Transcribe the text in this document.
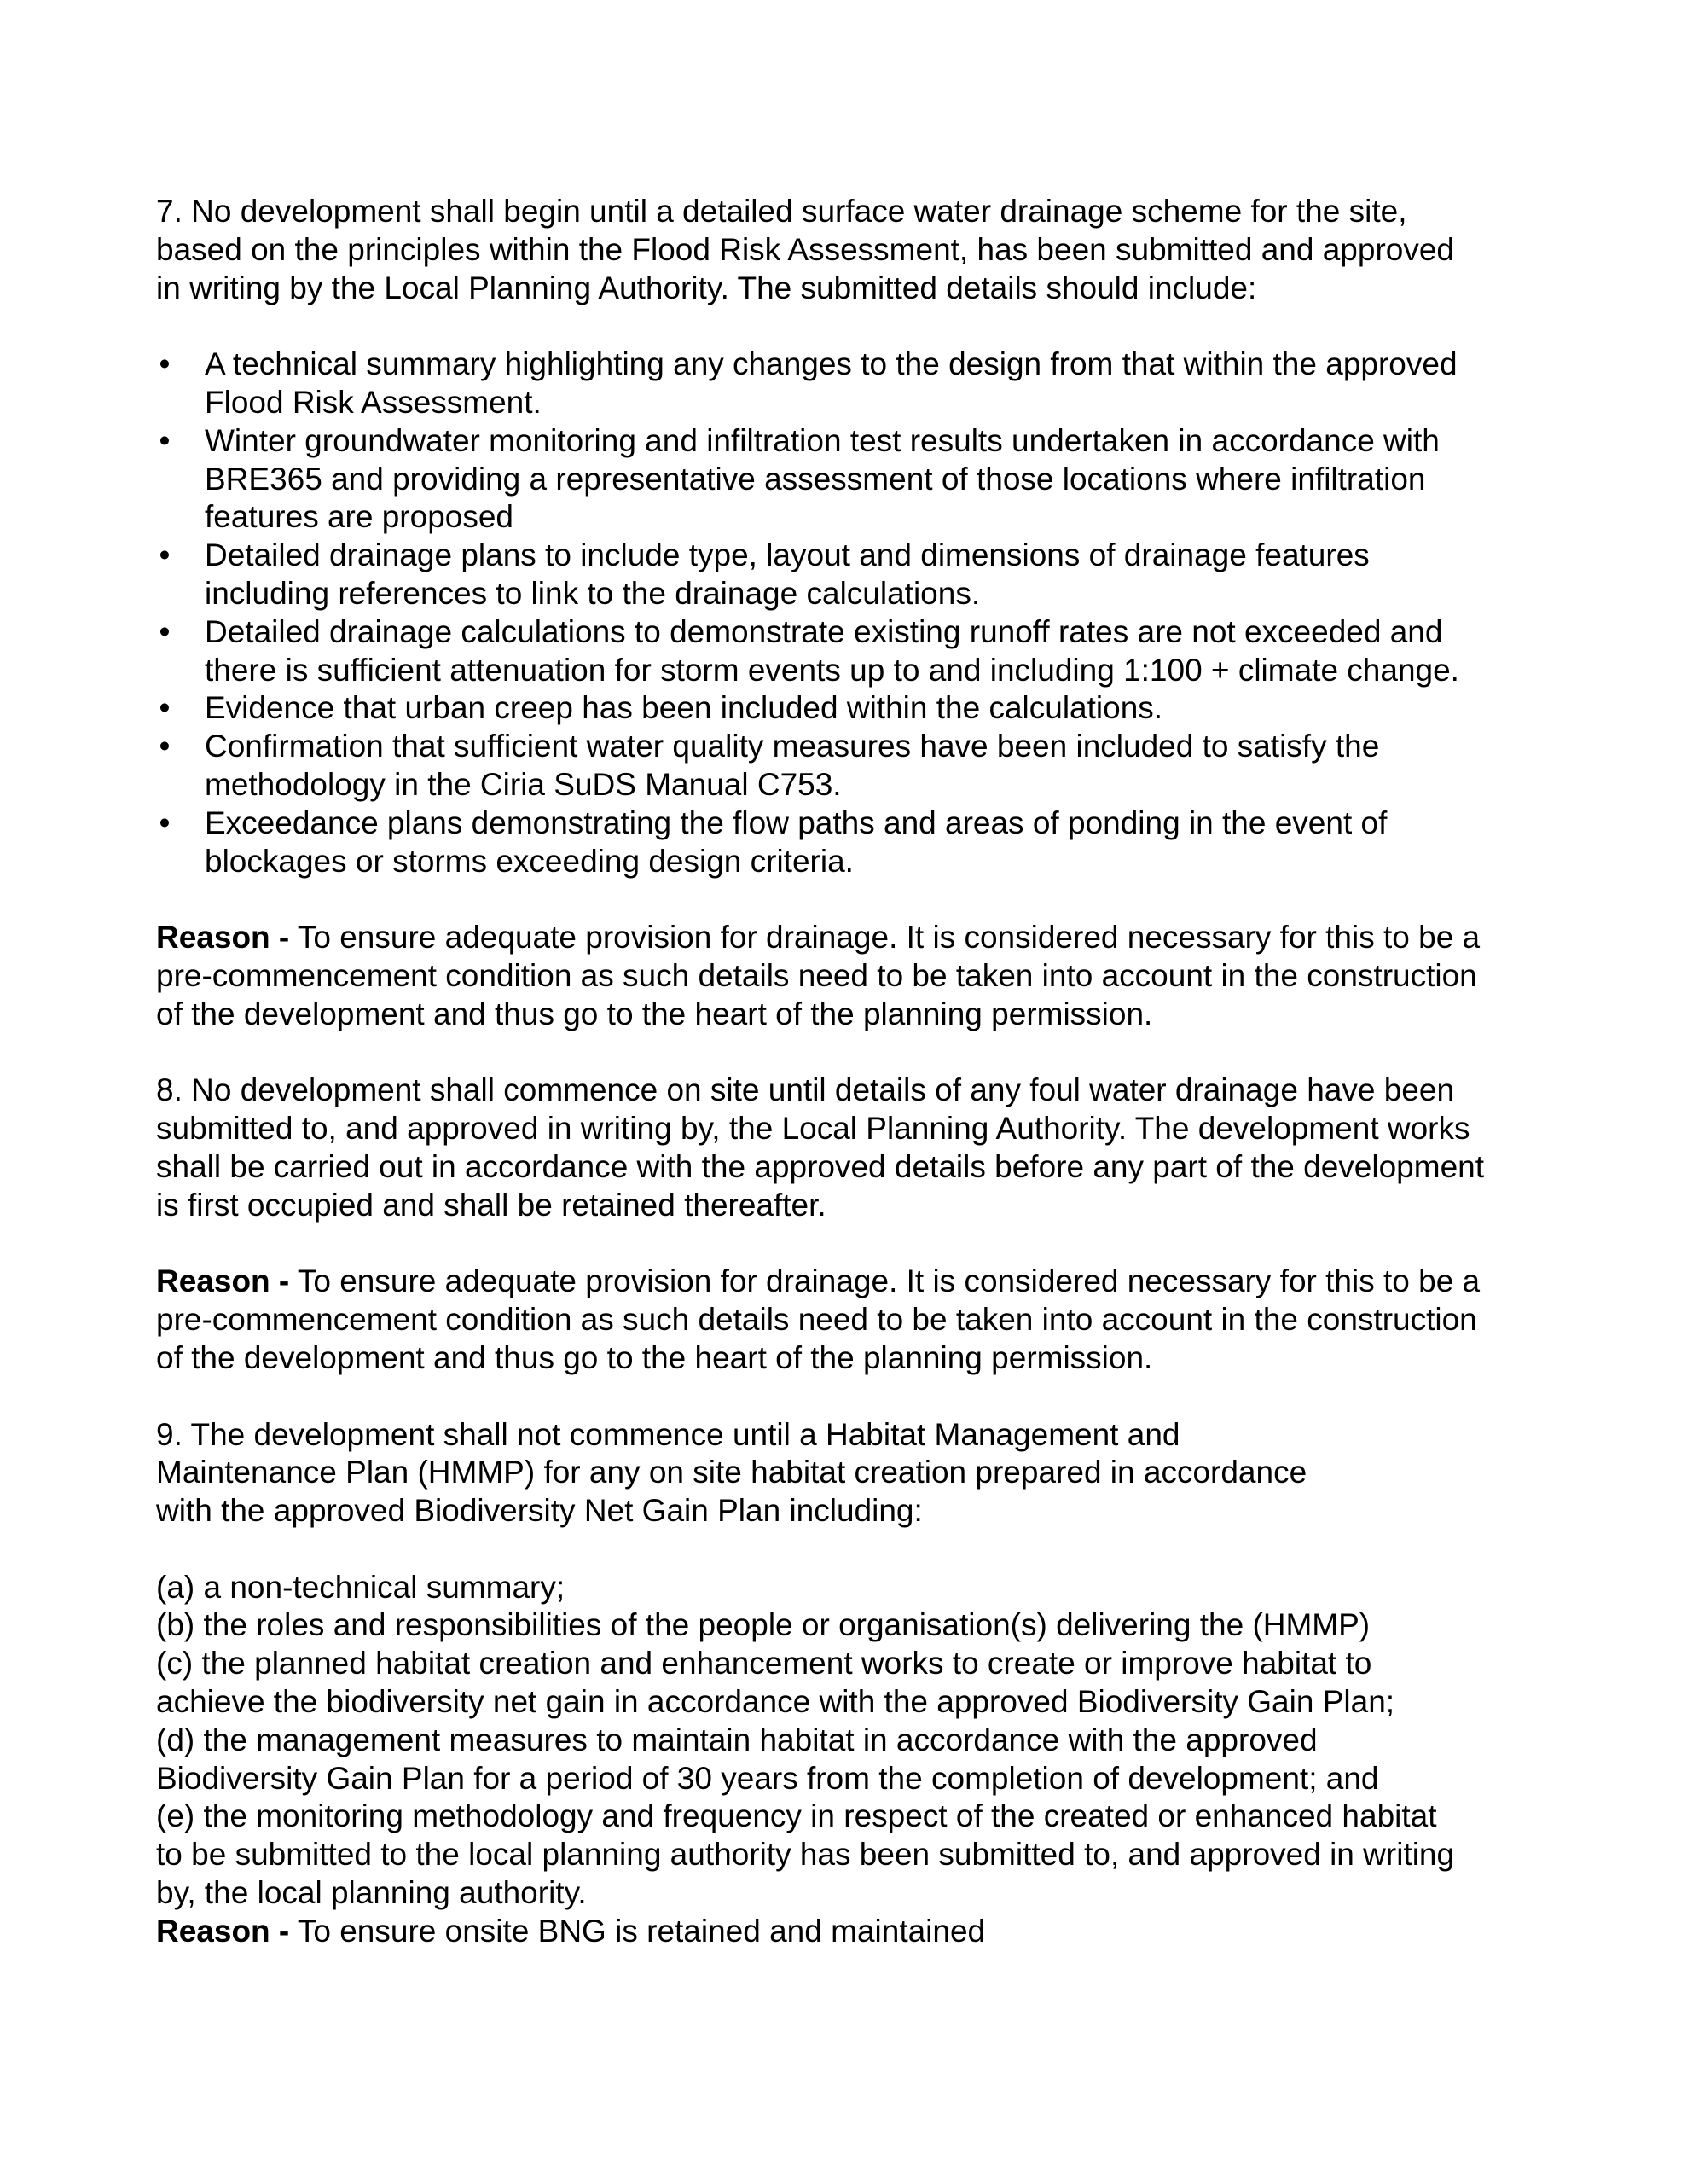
7. No development shall begin until a detailed surface water drainage scheme for the site,
based on the principles within the Flood Risk Assessment, has been submitted and approved
in writing by the Local Planning Authority. The submitted details should include:

• A technical summary highlighting any changes to the design from that within the approved
Flood Risk Assessment.
• Winter groundwater monitoring and infiltration test results undertaken in accordance with
BRE365 and providing a representative assessment of those locations where infiltration
features are proposed
• Detailed drainage plans to include type, layout and dimensions of drainage features
including references to link to the drainage calculations.
• Detailed drainage calculations to demonstrate existing runoff rates are not exceeded and
there is sufficient attenuation for storm events up to and including 1:100 + climate change.
• Evidence that urban creep has been included within the calculations.
• Confirmation that sufficient water quality measures have been included to satisfy the
methodology in the Ciria SuDS Manual C753.
• Exceedance plans demonstrating the flow paths and areas of ponding in the event of
blockages or storms exceeding design criteria.

Reason - To ensure adequate provision for drainage. It is considered necessary for this to be a
pre-commencement condition as such details need to be taken into account in the construction
of the development and thus go to the heart of the planning permission.

8. No development shall commence on site until details of any foul water drainage have been
submitted to, and approved in writing by, the Local Planning Authority. The development works
shall be carried out in accordance with the approved details before any part of the development
is first occupied and shall be retained thereafter.

Reason - To ensure adequate provision for drainage. It is considered necessary for this to be a
pre-commencement condition as such details need to be taken into account in the construction
of the development and thus go to the heart of the planning permission.

9. The development shall not commence until a Habitat Management and
Maintenance Plan (HMMP) for any on site habitat creation prepared in accordance
with the approved Biodiversity Net Gain Plan including:

(a) a non-technical summary;
(b) the roles and responsibilities of the people or organisation(s) delivering the (HMMP)
(c) the planned habitat creation and enhancement works to create or improve habitat to
achieve the biodiversity net gain in accordance with the approved Biodiversity Gain Plan;
(d) the management measures to maintain habitat in accordance with the approved
Biodiversity Gain Plan for a period of 30 years from the completion of development; and
(e) the monitoring methodology and frequency in respect of the created or enhanced habitat
to be submitted to the local planning authority has been submitted to, and approved in writing
by, the local planning authority.

Reason - To ensure onsite BNG is retained and maintained
